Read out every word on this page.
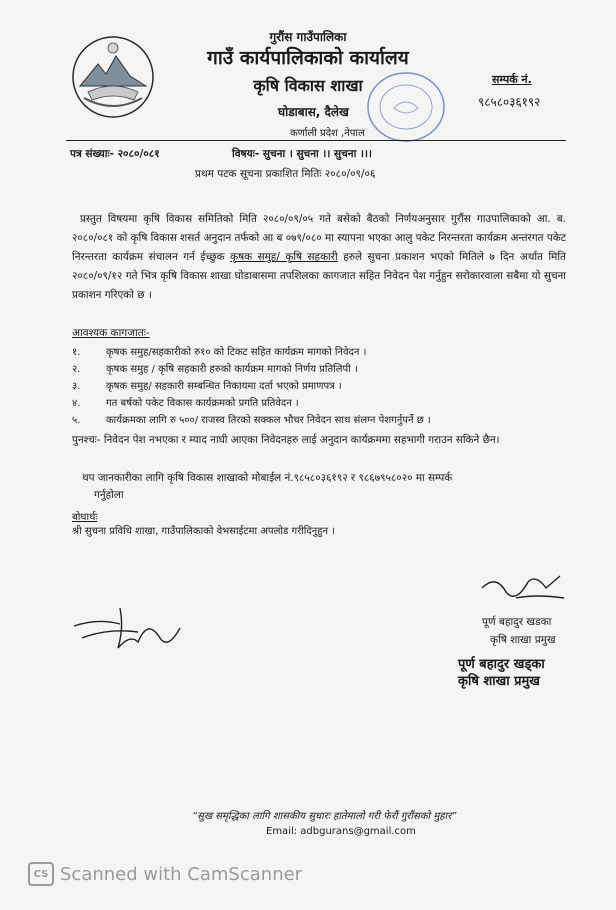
गुरौंस गाउँपालिका
गाउँ कार्यपालिकाको कार्यालय
कृषि विकास शाखा
घोडाबास, दैलेख
कर्णाली प्रदेश ,नेपाल
सम्पर्क नं.
९८५८०३६१९२
पत्र संख्याः- २०८०/०८१	विषयः- सुचना । सुचना ।। सुचना ।।।
प्रथम पटक सूचना प्रकाशित मितिः २०८०/०९/०६
प्रस्तुत विषयमा कृषि विकास समितिको मिति २०८०/०९/०५ गते बसेको बैठको निर्णयअनुसार गुरौंस गाउपालिकाको आ. ब. २०८०/०८१ को कृषि विकास शसर्त अनुदान तर्फको आ ब ०७९/०८० मा स्यापना भएका आलु पकेट निरन्तरता कार्यक्रम अन्तरगत पकेट निरन्तरता कार्यक्रम संचालन गर्न ईच्छुक कृषक समुह/ कृषि सहकारी हरुले सुचना प्रकाशन भएको मितिले ७ दिन अर्थात मिति २०८०/०९/१२ गते भित्र कृषि विकास शाखा घोडाबासमा तपशिलका कागजात सहित निवेदन पेश गर्नुहुन सरोकारवाला सबैमा यो सुचना प्रकाशन गरिएको छ ।
आवश्यक कागजातः-
१.	कृषक समुह/सहकारीको रु१० को टिकट सहित कार्यक्रम मागको निवेदन ।
२.	कृषक समुह / कृषि सहकारी हरुको कार्यक्रम मागको निर्णय प्रतिलिपी ।
३.	कृषक समुह/ सहकारी सम्बन्धित निकायमा दर्ता भएको प्रमाणपत्र ।
४.	गत बर्षको पकेट विकास कार्यक्रमको प्रगति प्रतिवेदन ।
५.	कार्यक्रमका लागि रु ५००/ राजस्व तिरको सक्कल भौचर निवेदन साथ संलग्न पेशगर्नुपर्ने छ ।
पुनश्चः- निवेदन पेश नभएका र म्याद नाघी आएका निवेदनहरु लाई अनुदान कार्यक्रममा सहभागी गराउन सकिने छैन।
थप जानकारीका लागि कृषि विकास शाखाको मोबाईल नं.९८५८०३६१९२ र ९८६७९५८०२० मा सम्पर्क
गर्नुहोला
बोधार्थः
श्री सुचना प्रविधि शाखा, गाउँपालिकाको वेभसाईटमा अपलोड गरीदिनुहुन ।
पूर्ण बहादुर खडका
कृषि शाखा प्रमुख
पूर्ण बहादुर खड्का
कृषि शाखा प्रमुख
“सुख समृद्धिका लागि शासकीय सुधारः हातेमालो गरी फेरौं गुरौंसको मुहार”
Email: adbgurans@gmail.com
CS Scanned with CamScanner
